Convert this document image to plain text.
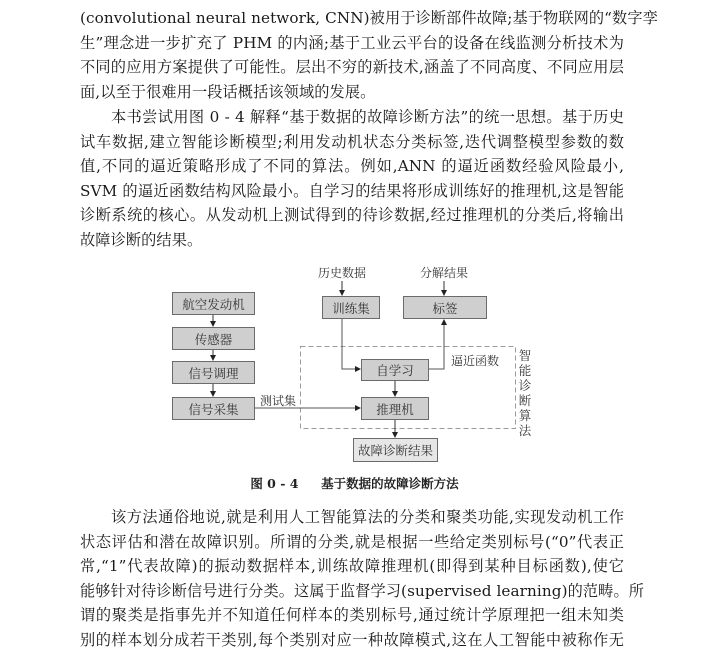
(convolutional neural network, CNN)被用于诊断部件故障;基于物联网的“数字孪
生”理念进一步扩充了 PHM 的内涵;基于工业云平台的设备在线监测分析技术为
不同的应用方案提供了可能性。层出不穷的新技术,涵盖了不同高度、不同应用层
面,以至于很难用一段话概括该领域的发展。
本书尝试用图 0 - 4 解释“基于数据的故障诊断方法”的统一思想。基于历史
试车数据,建立智能诊断模型;利用发动机状态分类标签,迭代调整模型参数的数
值,不同的逼近策略形成了不同的算法。例如,ANN 的逼近函数经验风险最小,
SVM 的逼近函数结构风险最小。自学习的结果将形成训练好的推理机,这是智能
诊断系统的核心。从发动机上测试得到的待诊数据,经过推理机的分类后,将输出
故障诊断的结果。
航空发动机
传感器
信号调理
信号采集
历史数据	分解结果
训练集	标签
自学习
推理机
故障诊断结果
逼近函数
测试集
智能诊断算法
图 0 - 4 基于数据的故障诊断方法
该方法通俗地说,就是利用人工智能算法的分类和聚类功能,实现发动机工作
状态评估和潜在故障识别。所谓的分类,就是根据一些给定类别标号(“0”代表正
常,“1”代表故障)的振动数据样本,训练故障推理机(即得到某种目标函数),使它
能够针对待诊断信号进行分类。这属于监督学习(supervised learning)的范畴。所
谓的聚类是指事先并不知道任何样本的类别标号,通过统计学原理把一组未知类
别的样本划分成若干类别,每个类别对应一种故障模式,这在人工智能中被称作无
